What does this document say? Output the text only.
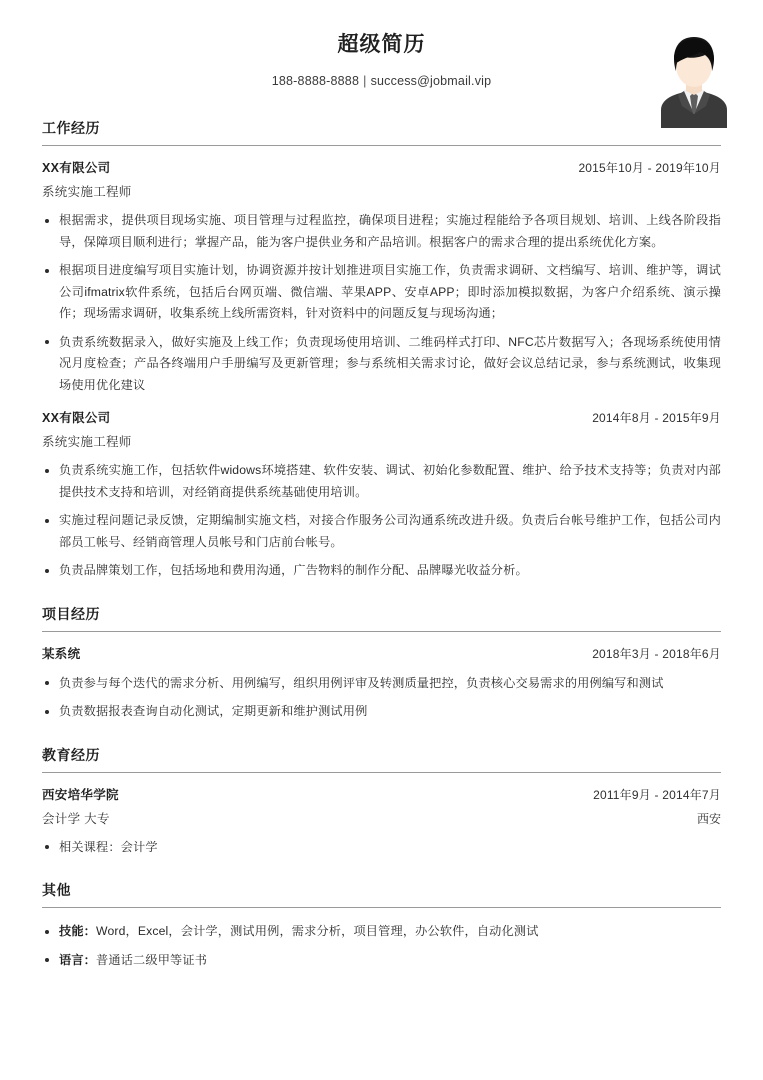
超级简历
188-8888-8888 | success@jobmail.vip
工作经历
XX有限公司	2015年10月 - 2019年10月
系统实施工程师
根据需求，提供项目现场实施、项目管理与过程监控，确保项目进程；实施过程能给予各项目规划、培训、上线各阶段指导，保障项目顺利进行；掌握产品，能为客户提供业务和产品培训。根据客户的需求合理的提出系统优化方案。
根据项目进度编写项目实施计划，协调资源并按计划推进项目实施工作，负责需求调研、文档编写、培训、维护等，调试公司ifmatrix软件系统，包括后台网页端、微信端、苹果APP、安卓APP；即时添加模拟数据，为客户介绍系统、演示操作；现场需求调研，收集系统上线所需资料，针对资料中的问题反复与现场沟通；
负责系统数据录入，做好实施及上线工作；负责现场使用培训、二维码样式打印、NFC芯片数据写入；各现场系统使用情况月度检查；产品各终端用户手册编写及更新管理；参与系统相关需求讨论，做好会议总结记录，参与系统测试，收集现场使用优化建议
XX有限公司	2014年8月 - 2015年9月
系统实施工程师
负责系统实施工作，包括软件widows环境搭建、软件安装、调试、初始化参数配置、维护、给予技术支持等；负责对内部提供技术支持和培训，对经销商提供系统基础使用培训。
实施过程问题记录反馈，定期编制实施文档，对接合作服务公司沟通系统改进升级。负责后台帐号维护工作，包括公司内部员工帐号、经销商管理人员帐号和门店前台帐号。
负责品牌策划工作，包括场地和费用沟通，广告物料的制作分配、品牌曝光收益分析。
项目经历
某系统	2018年3月 - 2018年6月
负责参与每个迭代的需求分析、用例编写，组织用例评审及转测质量把控，负责核心交易需求的用例编写和测试
负责数据报表查询自动化测试，定期更新和维护测试用例
教育经历
西安培华学院	2011年9月 - 2014年7月
会计学 大专	西安
相关课程：会计学
其他
技能：Word，Excel，会计学，测试用例，需求分析，项目管理，办公软件，自动化测试
语言：普通话二级甲等证书
